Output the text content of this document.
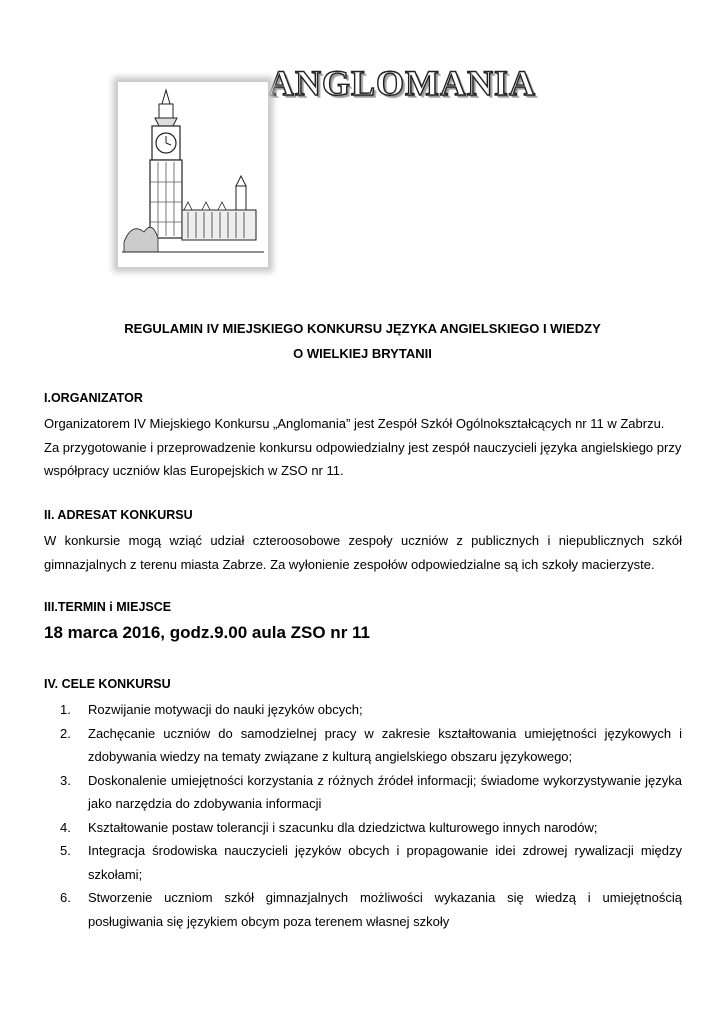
ANGLOMANIA
REGULAMIN IV MIEJSKIEGO KONKURSU JĘZYKA ANGIELSKIEGO I WIEDZY
O WIELKIEJ BRYTANII
I.ORGANIZATOR
Organizatorem IV Miejskiego Konkursu „Anglomania” jest Zespół Szkół Ogólnokształcących nr 11 w Zabrzu. Za przygotowanie i przeprowadzenie konkursu odpowiedzialny jest zespół nauczycieli języka angielskiego przy współpracy uczniów klas Europejskich w ZSO nr 11.
II. ADRESAT KONKURSU
W konkursie mogą wziąć udział czteroosobowe zespoły uczniów z publicznych i niepublicznych szkół gimnazjalnych z terenu miasta Zabrze. Za wyłonienie zespołów odpowiedzialne są ich szkoły macierzyste.
III.TERMIN i MIEJSCE
18 marca 2016, godz.9.00 aula ZSO nr 11
IV. CELE KONKURSU
1. Rozwijanie motywacji do nauki języków obcych;
2. Zachęcanie uczniów do samodzielnej pracy w zakresie kształtowania umiejętności językowych i zdobywania wiedzy na tematy związane z kulturą angielskiego obszaru językowego;
3. Doskonalenie umiejętności korzystania z różnych źródeł informacji; świadome wykorzystywanie języka jako narzędzia do zdobywania informacji
4. Kształtowanie postaw tolerancji i szacunku dla dziedzictwa kulturowego innych narodów;
5. Integracja środowiska nauczycieli języków obcych i propagowanie idei zdrowej rywalizacji między szkołami;
6. Stworzenie uczniom szkół gimnazjalnych możliwości wykazania się wiedzą i umiejętnością posługiwania się językiem obcym poza terenem własnej szkoły
